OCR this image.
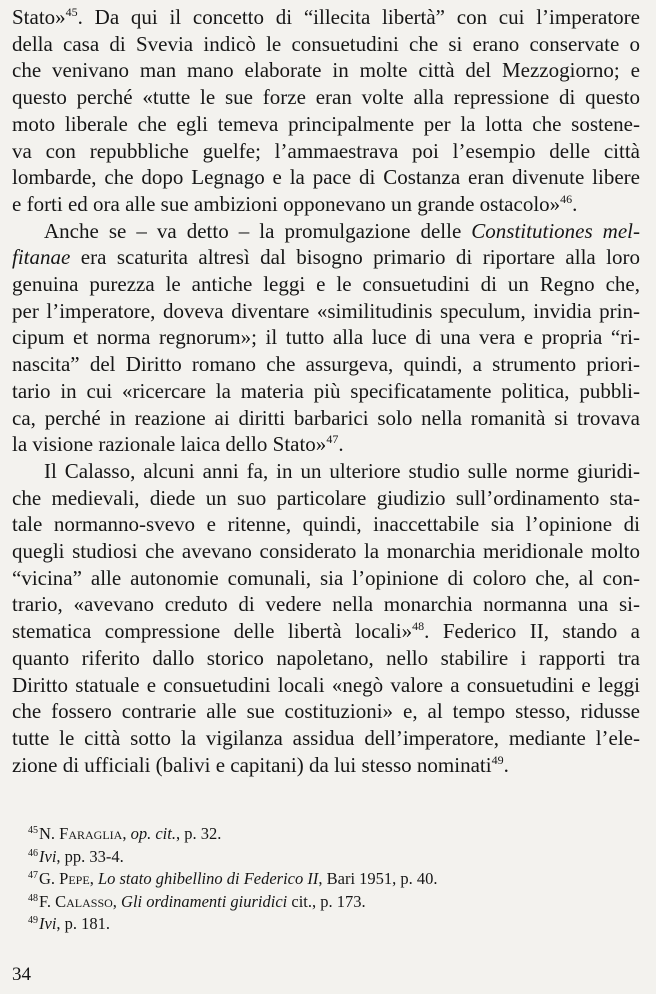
Stato»$^{45}$. Da qui il concetto di “illecita libertà” con cui l’imperatore
della casa di Svevia indicò le consuetudini che si erano conservate o
che venivano man mano elaborate in molte città del Mezzogiorno; e
questo perché «tutte le sue forze eran volte alla repressione di questo
moto liberale che egli temeva principalmente per la lotta che sostene-
va con repubbliche guelfe; l’ammaestrava poi l’esempio delle città
lombarde, che dopo Legnago e la pace di Costanza eran divenute libere
e forti ed ora alle sue ambizioni opponevano un grande ostacolo»$^{46}$.

Anche se – va detto – la promulgazione delle Constitutiones mel-
fitanae era scaturita altresì dal bisogno primario di riportare alla loro
genuina purezza le antiche leggi e le consuetudini di un Regno che,
per l’imperatore, doveva diventare «similitudinis speculum, invidia prin-
cipum et norma regnorum»; il tutto alla luce di una vera e propria “ri-
nascita” del Diritto romano che assurgeva, quindi, a strumento priori-
tario in cui «ricercare la materia più specificatamente politica, pubbli-
ca, perché in reazione ai diritti barbarici solo nella romanità si trovava
la visione razionale laica dello Stato»$^{47}$.

Il Calasso, alcuni anni fa, in un ulteriore studio sulle norme giuridi-
che medievali, diede un suo particolare giudizio sull’ordinamento sta-
tale normanno-svevo e ritenne, quindi, inaccettabile sia l’opinione di
quegli studiosi che avevano considerato la monarchia meridionale molto
“vicina” alle autonomie comunali, sia l’opinione di coloro che, al con-
trario, «avevano creduto di vedere nella monarchia normanna una si-
stematica compressione delle libertà locali»$^{48}$. Federico II, stando a
quanto riferito dallo storico napoletano, nello stabilire i rapporti tra
Diritto statuale e consuetudini locali «negò valore a consuetudini e leggi
che fossero contrarie alle sue costituzioni» e, al tempo stesso, ridusse
tutte le città sotto la vigilanza assidua dell’imperatore, mediante l’ele-
zione di ufficiali (balivi e capitani) da lui stesso nominati$^{49}$.

$^{45}$N. Faraglia, op. cit., p. 32.
$^{46}$Ivi, pp. 33-4.
$^{47}$G. Pepe, Lo stato ghibellino di Federico II, Bari 1951, p. 40.
$^{48}$F. Calasso, Gli ordinamenti giuridici cit., p. 173.
$^{49}$Ivi, p. 181.
34
